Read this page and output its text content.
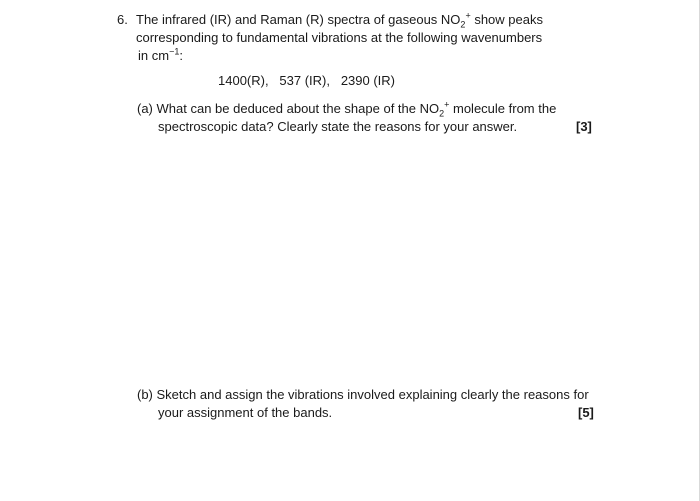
6. The infrared (IR) and Raman (R) spectra of gaseous $NO_2^+$ show peaks
corresponding to fundamental vibrations at the following wavenumbers
in $cm^{-1}$:
1400(R),   537 (IR),   2390 (IR)
(a) What can be deduced about the shape of the $NO_2^+$ molecule from the
spectroscopic data? Clearly state the reasons for your answer.	[3]
(b) Sketch and assign the vibrations involved explaining clearly the reasons for
your assignment of the bands.	[5]
